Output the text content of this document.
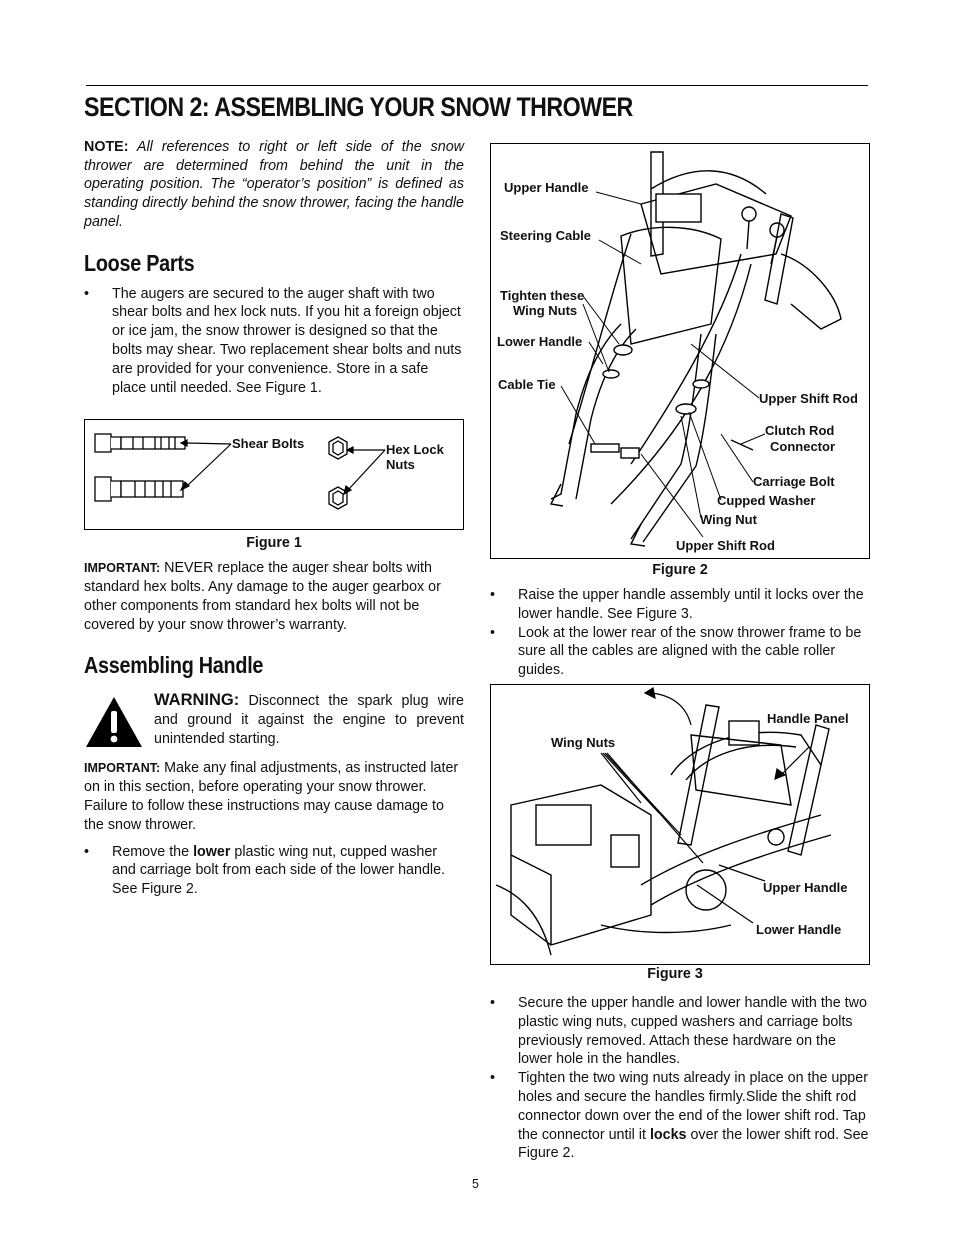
SECTION 2: ASSEMBLING YOUR SNOW THROWER

NOTE: All references to right or left side of the snow thrower are determined from behind the unit in the operating position. The “operator’s position” is defined as standing directly behind the snow thrower, facing the handle panel.

Loose Parts
• The augers are secured to the auger shaft with two shear bolts and hex lock nuts. If you hit a foreign object or ice jam, the snow thrower is designed so that the bolts may shear. Two replacement shear bolts and nuts are provided for your convenience. Store in a safe place until needed. See Figure 1.
Shear Bolts	Hex Lock Nuts
Figure 1

IMPORTANT: NEVER replace the auger shear bolts with standard hex bolts. Any damage to the auger gearbox or other components from standard hex bolts will not be covered by your snow thrower’s warranty.

Assembling Handle
WARNING: Disconnect the spark plug wire and ground it against the engine to prevent unintended starting.

IMPORTANT: Make any final adjustments, as instructed later on in this section, before operating your snow thrower. Failure to follow these instructions may cause damage to the snow thrower.

• Remove the lower plastic wing nut, cupped washer and carriage bolt from each side of the lower handle. See Figure 2.
Upper Handle
Steering Cable
Tighten these
Wing Nuts
Lower Handle
Cable Tie
Upper Shift Rod
Clutch Rod
Connector
Carriage Bolt
Cupped Washer
Wing Nut
Upper Shift Rod
Figure 2
• Raise the upper handle assembly until it locks over the lower handle. See Figure 3.
• Look at the lower rear of the snow thrower frame to be sure all the cables are aligned with the cable roller guides.
Handle Panel
Wing Nuts
Upper Handle
Lower Handle
Figure 3
• Secure the upper handle and lower handle with the two plastic wing nuts, cupped washers and carriage bolts previously removed. Attach these hardware on the lower hole in the handles.
• Tighten the two wing nuts already in place on the upper holes and secure the handles firmly.Slide the shift rod connector down over the end of the lower shift rod. Tap the connector until it locks over the lower shift rod. See Figure 2.
5
